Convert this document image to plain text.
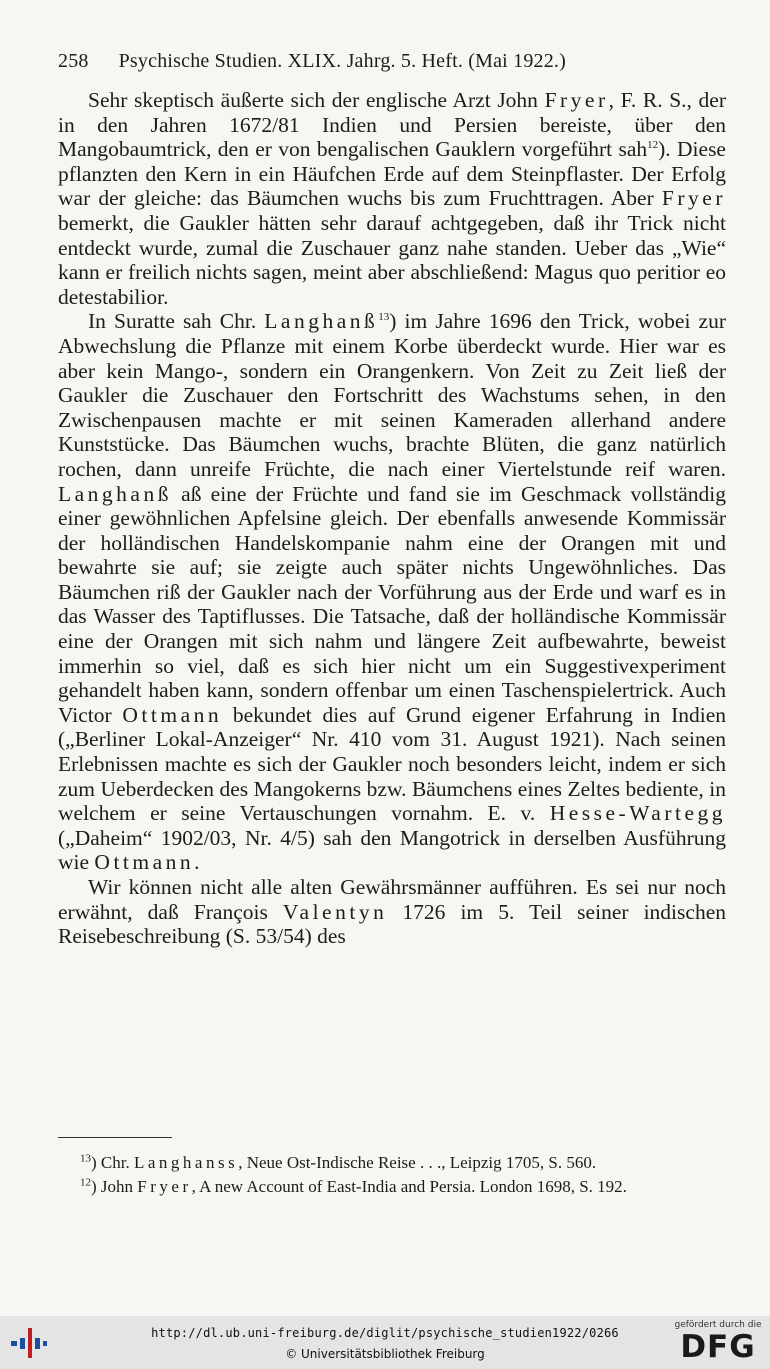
258 Psychische Studien. XLIX. Jahrg. 5. Heft. (Mai 1922.)

Sehr skeptisch äußerte sich der englische Arzt John Fryer, F. R. S., der in den Jahren 1672/81 Indien und Persien bereiste, über den Mangobaumtrick, den er von bengalischen Gauklern vorgeführt sah$^{12}$). Diese pflanzten den Kern in ein Häufchen Erde auf dem Steinpflaster. Der Erfolg war der gleiche: das Bäumchen wuchs bis zum Fruchttragen. Aber Fryer bemerkt, die Gaukler hätten sehr darauf achtgegeben, daß ihr Trick nicht entdeckt wurde, zumal die Zuschauer ganz nahe standen. Ueber das „Wie“ kann er freilich nichts sagen, meint aber abschließend: Magus quo peritior eo detestabilior.

In Suratte sah Chr. Langhanß$^{13}$) im Jahre 1696 den Trick, wobei zur Abwechslung die Pflanze mit einem Korbe überdeckt wurde. Hier war es aber kein Mango-, sondern ein Orangenkern. Von Zeit zu Zeit ließ der Gaukler die Zuschauer den Fortschritt des Wachstums sehen, in den Zwischenpausen machte er mit seinen Kameraden allerhand andere Kunststücke. Das Bäumchen wuchs, brachte Blüten, die ganz natürlich rochen, dann unreife Früchte, die nach einer Viertelstunde reif waren. Langhanß aß eine der Früchte und fand sie im Geschmack vollständig einer gewöhnlichen Apfelsine gleich. Der ebenfalls anwesende Kommissär der holländischen Handelskompanie nahm eine der Orangen mit und bewahrte sie auf; sie zeigte auch später nichts Ungewöhnliches. Das Bäumchen riß der Gaukler nach der Vorführung aus der Erde und warf es in das Wasser des Taptiflusses. Die Tatsache, daß der holländische Kommissär eine der Orangen mit sich nahm und längere Zeit aufbewahrte, beweist immerhin so viel, daß es sich hier nicht um ein Suggestivexperiment gehandelt haben kann, sondern offenbar um einen Taschenspielertrick. Auch Victor Ottmann bekundet dies auf Grund eigener Erfahrung in Indien („Berliner Lokal-Anzeiger“ Nr. 410 vom 31. August 1921). Nach seinen Erlebnissen machte es sich der Gaukler noch besonders leicht, indem er sich zum Ueberdecken des Mangokerns bzw. Bäumchens eines Zeltes bediente, in welchem er seine Vertauschungen vornahm. E. v. Hesse-Wartegg („Daheim“ 1902/03, Nr. 4/5) sah den Mangotrick in derselben Ausführung wie Ottmann.

Wir können nicht alle alten Gewährsmänner aufführen. Es sei nur noch erwähnt, daß François Valentyn 1726 im 5. Teil seiner indischen Reisebeschreibung (S. 53/54) des

$^{13}$) Chr. Langhanss, Neue Ost-Indische Reise . . ., Leipzig 1705, S. 560.

$^{12}$) John Fryer, A new Account of East-India and Persia. London 1698, S. 192.

http://dl.ub.uni-freiburg.de/diglit/psychische_studien1922/0266
© Universitätsbibliothek Freiburg
gefördert durch die
DFG
